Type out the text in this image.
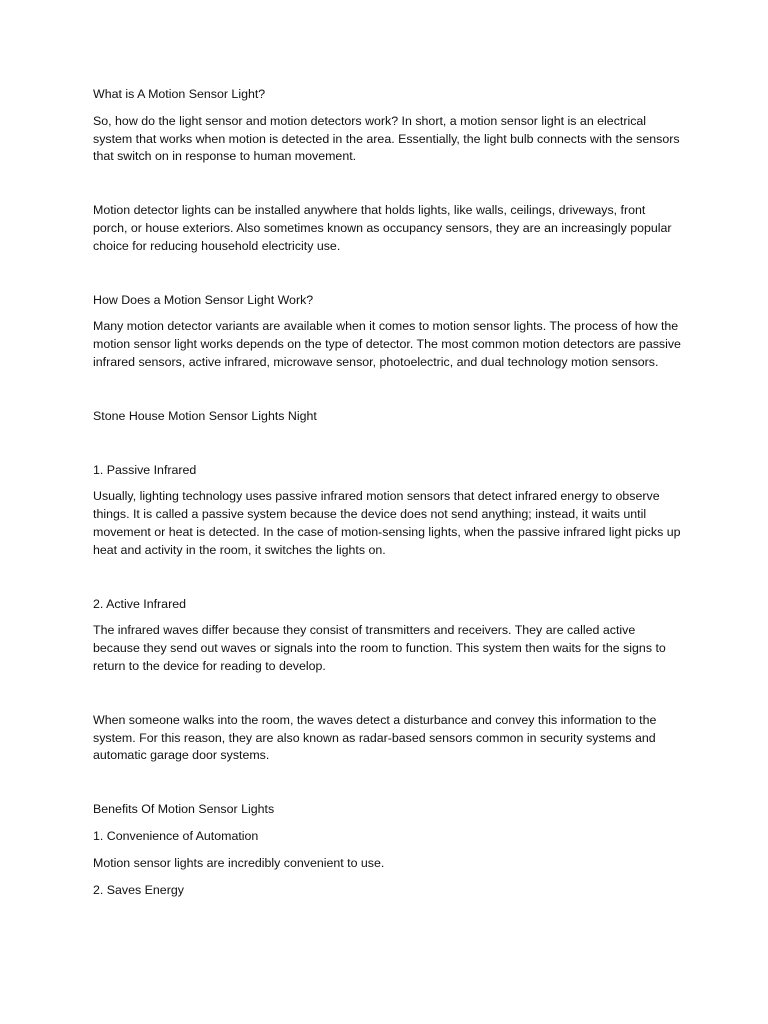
What is A Motion Sensor Light?

So, how do the light sensor and motion detectors work? In short, a motion sensor light is an electrical system that works when motion is detected in the area. Essentially, the light bulb connects with the sensors that switch on in response to human movement.

Motion detector lights can be installed anywhere that holds lights, like walls, ceilings, driveways, front porch, or house exteriors. Also sometimes known as occupancy sensors, they are an increasingly popular choice for reducing household electricity use.

How Does a Motion Sensor Light Work?

Many motion detector variants are available when it comes to motion sensor lights. The process of how the motion sensor light works depends on the type of detector. The most common motion detectors are passive infrared sensors, active infrared, microwave sensor, photoelectric, and dual technology motion sensors.

Stone House Motion Sensor Lights Night

1. Passive Infrared

Usually, lighting technology uses passive infrared motion sensors that detect infrared energy to observe things. It is called a passive system because the device does not send anything; instead, it waits until movement or heat is detected. In the case of motion-sensing lights, when the passive infrared light picks up heat and activity in the room, it switches the lights on.

2. Active Infrared

The infrared waves differ because they consist of transmitters and receivers. They are called active because they send out waves or signals into the room to function. This system then waits for the signs to return to the device for reading to develop.

When someone walks into the room, the waves detect a disturbance and convey this information to the system. For this reason, they are also known as radar-based sensors common in security systems and automatic garage door systems.

Benefits Of Motion Sensor Lights

1. Convenience of Automation

Motion sensor lights are incredibly convenient to use.

2. Saves Energy
